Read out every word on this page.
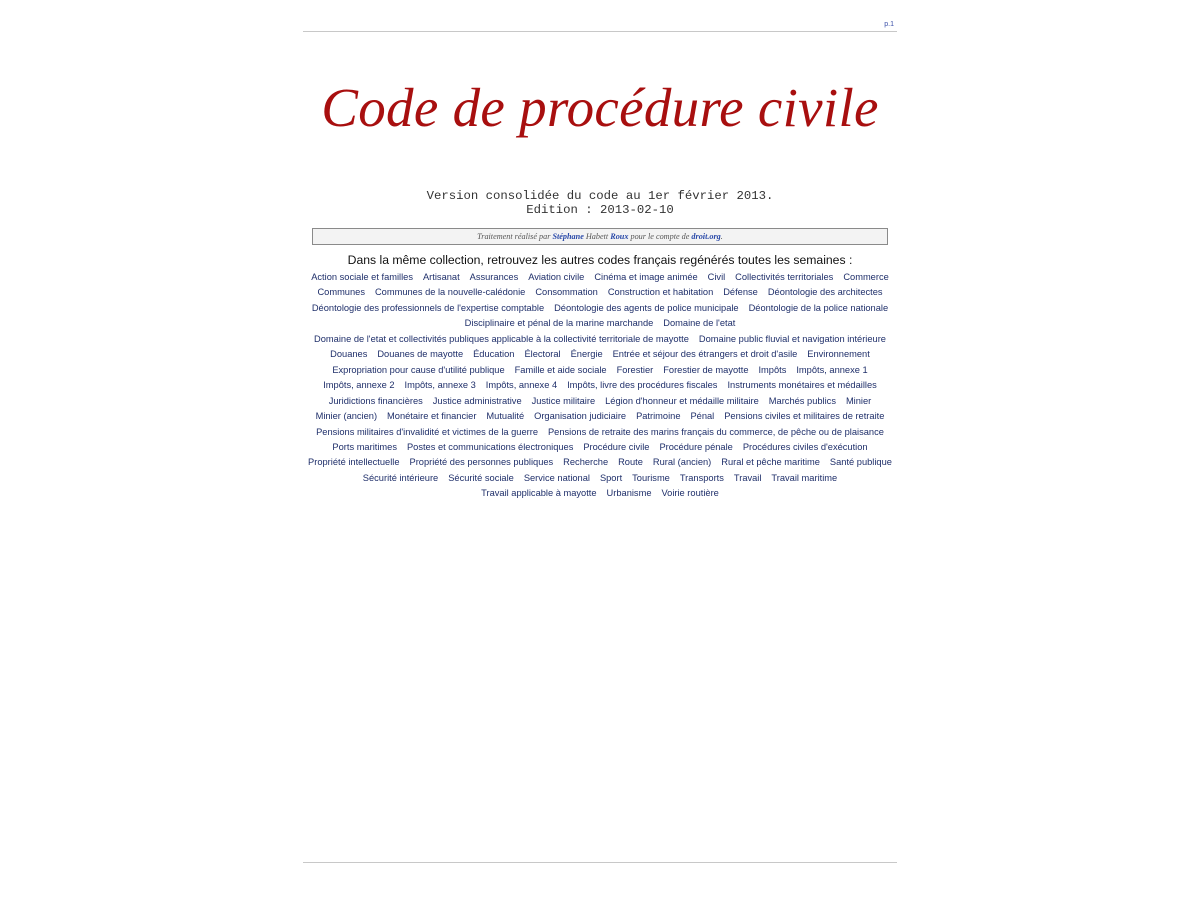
p.1
Code de procédure civile
Version consolidée du code au 1er février 2013.
Edition : 2013-02-10
Traitement réalisé par Stéphane Habett Roux pour le compte de droit.org.
Dans la même collection, retrouvez les autres codes français regénérés toutes les semaines :
Action sociale et familles Artisanat Assurances Aviation civile Cinéma et image animée Civil Collectivités territoriales Commerce Communes Communes de la nouvelle-calédonie Consommation Construction et habitation Défense Déontologie des architectes Déontologie des professionnels de l'expertise comptable Déontologie des agents de police municipale Déontologie de la police nationale Disciplinaire et pénal de la marine marchande Domaine de l'etat Domaine de l'etat et collectivités publiques applicable à la collectivité territoriale de mayotte Domaine public fluvial et navigation intérieure Douanes Douanes de mayotte Éducation Électoral Énergie Entrée et séjour des étrangers et droit d'asile Environnement Expropriation pour cause d'utilité publique Famille et aide sociale Forestier Forestier de mayotte Impôts Impôts, annexe 1 Impôts, annexe 2 Impôts, annexe 3 Impôts, annexe 4 Impôts, livre des procédures fiscales Instruments monétaires et médailles Juridictions financières Justice administrative Justice militaire Légion d'honneur et médaille militaire Marchés publics Minier Minier (ancien) Monétaire et financier Mutualité Organisation judiciaire Patrimoine Pénal Pensions civiles et militaires de retraite Pensions militaires d'invalidité et victimes de la guerre Pensions de retraite des marins français du commerce, de pêche ou de plaisance Ports maritimes Postes et communications électroniques Procédure civile Procédure pénale Procédures civiles d'exécution Propriété intellectuelle Propriété des personnes publiques Recherche Route Rural (ancien) Rural et pêche maritime Santé publique Sécurité intérieure Sécurité sociale Service national Sport Tourisme Transports Travail Travail maritime Travail applicable à mayotte Urbanisme Voirie routière
